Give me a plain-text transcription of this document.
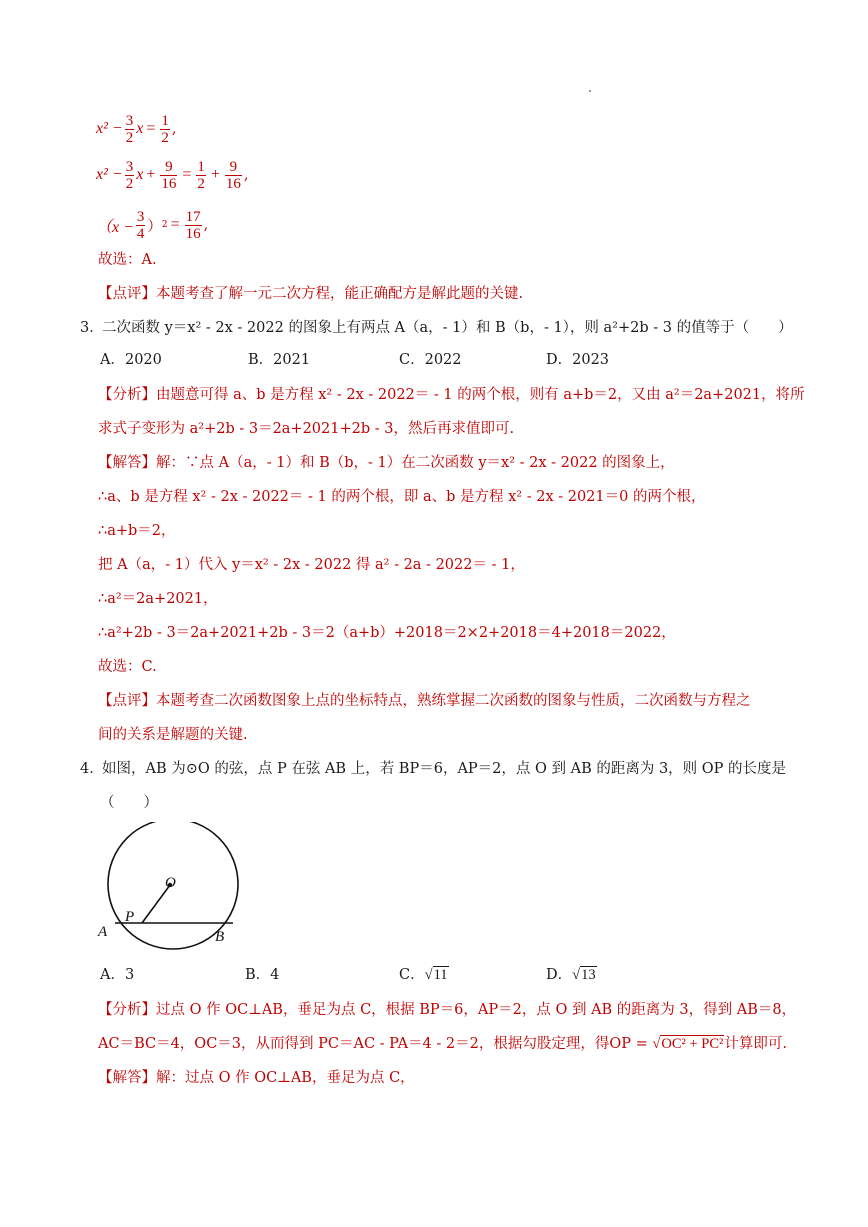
$x^2 - \frac{3}{2}$ $x = \frac{1}{2}$ ,
$x^2 - \frac{3}{2}$ $x + \frac{9}{16} = \frac{1}{2} + \frac{9}{16}$ ,
（$x - \frac{3}{4}$ ） $2 = \frac{17}{16}$ ,
故选：A.
【点评】本题考查了解一元二次方程，能正确配方是解此题的关键.
3．
二次函数 y＝x² - 2x - 2022 的图象上有两点 A（a，- 1）和 B（b，- 1），则 a²+2b - 3 的值等于（　　）
A．2020	B．2021	C．2022	D．2023
【分析】由题意可得 a、b 是方程 x² - 2x - 2022＝ - 1 的两个根，则有 a+b＝2，又由 a²＝2a+2021，将所
求式子变形为 a²+2b - 3＝2a+2021+2b - 3，然后再求值即可.
【解答】解：∵点 A（a，- 1）和 B（b，- 1）在二次函数 y＝x² - 2x - 2022 的图象上，
∴a、b 是方程 x² - 2x - 2022＝ - 1 的两个根，即 a、b 是方程 x² - 2x - 2021＝0 的两个根，
∴a+b＝2，
把 A（a，- 1）代入 y＝x² - 2x - 2022 得 a² - 2a - 2022＝ - 1，
∴a²＝2a+2021，
∴a²+2b - 3＝2a+2021+2b - 3＝2（a+b）+2018＝2×2+2018＝4+2018＝2022，
故选：C.
【点评】本题考查二次函数图象上点的坐标特点，熟练掌握二次函数的图象与性质，二次函数与方程之
间的关系是解题的关键.
4．
如图，AB 为⊙O 的弦，点 P 在弦 AB 上，若 BP＝6，AP＝2，点 O 到 AB 的距离为 3，则 OP 的长度是
（　　）
O
P
A	B
A．3	B．4	C．√11	D．√13
【分析】过点 O 作 OC⊥AB，垂足为点 C，根据 BP＝6，AP＝2，点 O 到 AB 的距离为 3，得到 AB＝8，
AC＝BC＝4，OC＝3，从而得到 PC＝AC - PA＝4 - 2＝2，根据勾股定理，得OP = √OC² + PC²计算即可.
【解答】解：过点 O 作 OC⊥AB，垂足为点 C，
